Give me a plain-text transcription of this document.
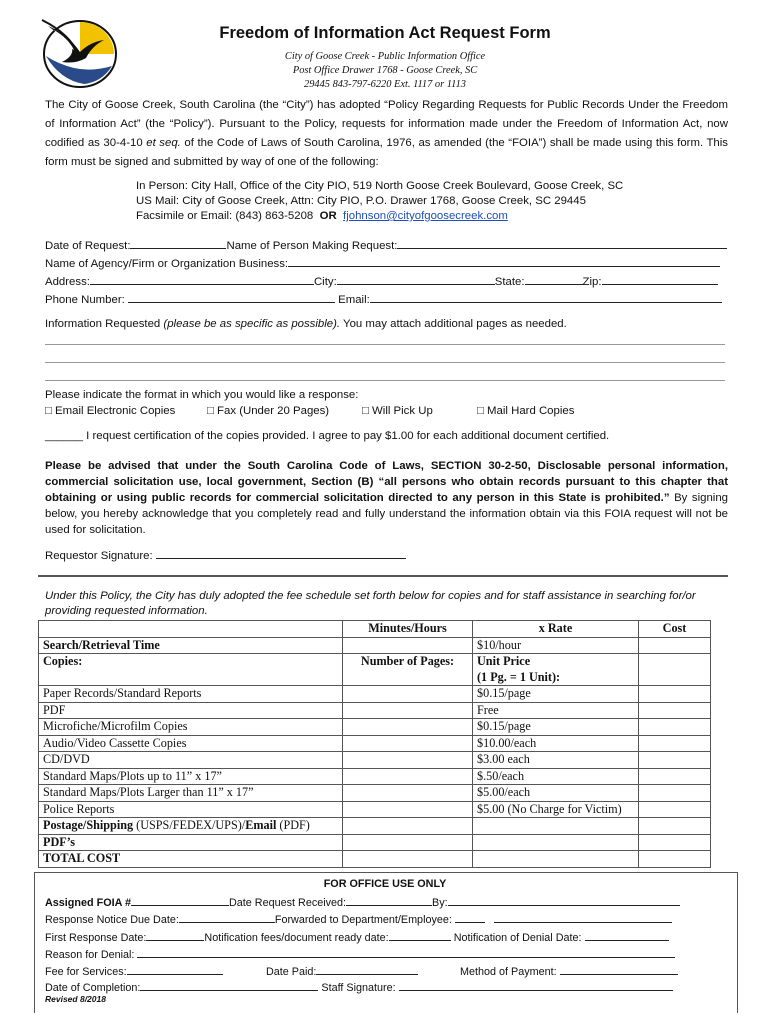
Freedom of Information Act Request Form
City of Goose Creek - Public Information Office
Post Office Drawer 1768 - Goose Creek, SC
29445 843-797-6220 Ext. 1117 or 1113
The City of Goose Creek, South Carolina (the “City”) has adopted “Policy Regarding Requests for Public Records Under the Freedom of Information Act” (the “Policy”). Pursuant to the Policy, requests for information made under the Freedom of Information Act, now codified as 30-4-10 et seq. of the Code of Laws of South Carolina, 1976, as amended (the “FOIA”) shall be made using this form. This form must be signed and submitted by way of one of the following:
In Person: City Hall, Office of the City PIO, 519 North Goose Creek Boulevard, Goose Creek, SC
US Mail: City of Goose Creek, Attn: City PIO, P.O. Drawer 1768, Goose Creek, SC 29445
Facsimile or Email: (843) 863-5208 OR fjohnson@cityofgoosecreek.com
Date of Request:	Name of Person Making Request:
Name of Agency/Firm or Organization Business:
Address:	City:	State:	Zip:
Phone Number:	Email:
Information Requested (please be as specific as possible). You may attach additional pages as needed.
Please indicate the format in which you would like a response:
□ Email Electronic Copies	□ Fax (Under 20 Pages)	□ Will Pick Up	□ Mail Hard Copies
______ I request certification of the copies provided. I agree to pay $1.00 for each additional document certified.
Please be advised that under the South Carolina Code of Laws, SECTION 30-2-50, Disclosable personal information, commercial solicitation use, local government, Section (B) “all persons who obtain records pursuant to this chapter that obtaining or using public records for commercial solicitation directed to any person in this State is prohibited.” By signing below, you hereby acknowledge that you completely read and fully understand the information obtain via this FOIA request will not be used for solicitation.
Requestor Signature:
Under this Policy, the City has duly adopted the fee schedule set forth below for copies and for staff assistance in searching for/or providing requested information.
	Minutes/Hours	x Rate	Cost
Search/Retrieval Time		$10/hour	
Copies:	Number of Pages:	Unit Price
(1 Pg. = 1 Unit):	
Paper Records/Standard Reports		$0.15/page	
PDF		Free	
Microfiche/Microfilm Copies		$0.15/page	
Audio/Video Cassette Copies		$10.00/each	
CD/DVD		$3.00 each	
Standard Maps/Plots up to 11” x 17”		$.50/each	
Standard Maps/Plots Larger than 11” x 17”		$5.00/each	
Police Reports		$5.00 (No Charge for Victim)	
Postage/Shipping (USPS/FEDEX/UPS)/Email (PDF)			
PDF’s			
TOTAL COST			
FOR OFFICE USE ONLY
Assigned FOIA #	Date Request Received:	By:
Response Notice Due Date:	Forwarded to Department/Employee:
First Response Date:	Notification fees/document ready date:	Notification of Denial Date:
Reason for Denial:
Fee for Services:	Date Paid:	Method of Payment:
Date of Completion:	Staff Signature:
Revised 8/2018
